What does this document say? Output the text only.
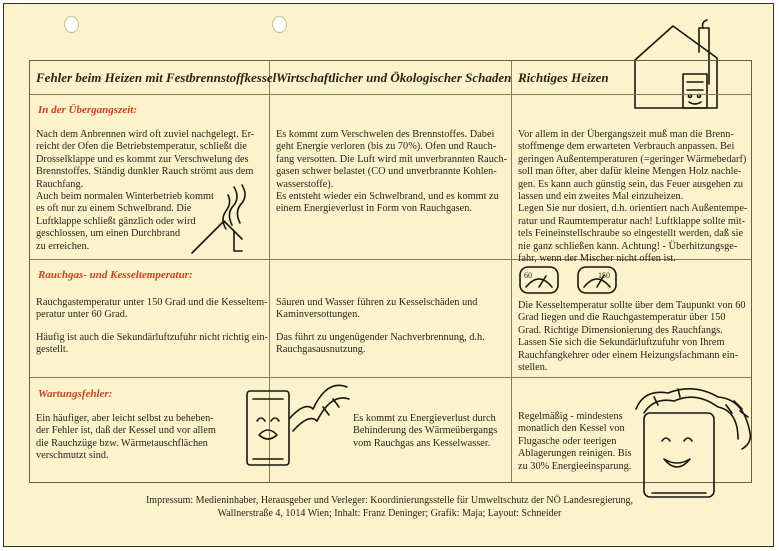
Fehler beim Heizen mit Festbrennstoffkessel Wirtschaftlicher und Ökologischer Schaden Richtiges Heizen
In der Übergangszeit:
Nach dem Anbrennen wird oft zuviel nachgelegt. Er-
reicht der Ofen die Betriebstemperatur, schließt die
Drosselklappe und es kommt zur Verschwelung des
Brennstoffes. Ständig dunkler Rauch strömt aus dem
Rauchfang.
Auch beim normalen Winterbetrieb kommt
es oft nur zu einem Schwelbrand. Die
Luftklappe schließt gänzlich oder wird
geschlossen, um einen Durchbrand
zu erreichen.
Es kommt zum Verschwelen des Brennstoffes. Dabei
geht Energie verloren (bis zu 70%). Ofen und Rauch-
fang versotten. Die Luft wird mit unverbrannten Rauch-
gasen schwer belastet (CO und unverbrannte Kohlen-
wasserstoffe).
Es entsteht wieder ein Schwelbrand, und es kommt zu
einem Energieverlust in Form von Rauchgasen.
Vor allem in der Übergangszeit muß man die Brenn-
stoffmenge dem erwarteten Verbrauch anpassen. Bei
geringen Außentemperaturen (=geringer Wärmebedarf)
soll man öfter, aber dafür kleine Mengen Holz nachle-
gen. Es kann auch günstig sein, das Feuer ausgehen zu
lassen und ein zweites Mal einzuheizen.
Legen Sie nur dosiert, d.h. orientiert nach Außentempe-
ratur und Raumtemperatur nach! Luftklappe sollte mit-
tels Feineinstellschraube so eingestellt werden, daß sie
nie ganz schließen kann. Achtung! - Überhitzungsge-
fahr, wenn der Mischer nicht offen ist.
Rauchgas- und Kesseltemperatur:
Rauchgastemperatur unter 150 Grad und die Kesseltem-
peratur unter 60 Grad.
Häufig ist auch die Sekundärluftzufuhr nicht richtig ein-
gestellt.
Säuren und Wasser führen zu Kesselschäden und
Kaminversottungen.
Das führt zu ungenügender Nachverbrennung, d.h.
Rauchgasausnutzung.
60	150
Die Kesseltemperatur sollte über dem Taupunkt von 60
Grad liegen und die Rauchgastemperatur über 150
Grad. Richtige Dimensionierung des Rauchfangs.
Lassen Sie sich die Sekundärluftzufuhr von Ihrem
Rauchfangkehrer oder einem Heizungsfachmann ein-
stellen.
Wartungsfehler:
Ein häufiger, aber leicht selbst zu beheben-
der Fehler ist, daß der Kessel und vor allem
die Rauchzüge bzw. Wärmetauschflächen
verschmutzt sind.
Es kommt zu Energieverlust durch
Behinderung des Wärmeübergangs
vom Rauchgas ans Kesselwasser.
Regelmäßig - mindestens
monatlich den Kessel von
Flugasche oder teerigen
Ablagerungen reinigen. Bis
zu 30% Energieeinsparung.
Impressum: Medieninhaber, Herausgeber und Verleger: Koordinierungsstelle für Umweltschutz der NÖ Landesregierung,
Wallnerstraße 4, 1014 Wien; Inhalt: Franz Deninger; Grafik: Maja; Layout: Schneider
